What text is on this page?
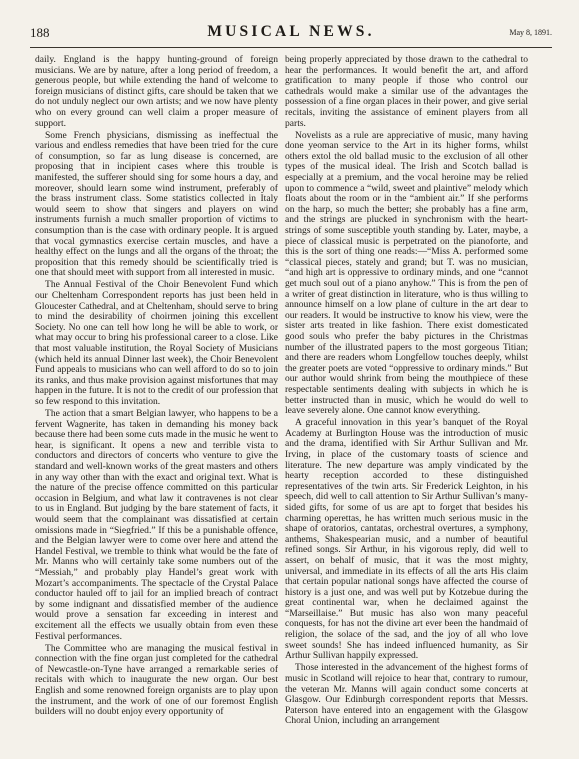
188	MUSICAL NEWS.	May 8, 1891.

daily. England is the happy hunting-ground of foreign musicians. We are by nature, after a long period of freedom, a generous people, but while extending the hand of welcome to foreign musicians of distinct gifts, care should be taken that we do not unduly neglect our own artists; and we now have plenty who on every ground can well claim a proper measure of support.

Some French physicians, dismissing as ineffectual the various and endless remedies that have been tried for the cure of consumption, so far as lung disease is concerned, are proposing that in incipient cases where this trouble is manifested, the sufferer should sing for some hours a day, and moreover, should learn some wind instrument, preferably of the brass instrument class. Some statistics collected in Italy would seem to show that singers and players on wind instruments furnish a much smaller proportion of victims to consumption than is the case with ordinary people. It is argued that vocal gymnastics exercise certain muscles, and have a healthy effect on the lungs and all the organs of the throat; the proposition that this remedy should be scientifically tried is one that should meet with support from all interested in music.

The Annual Festival of the Choir Benevolent Fund which our Cheltenham Correspondent reports has just been held in Gloucester Cathedral, and at Cheltenham, should serve to bring to mind the desirability of choirmen joining this excellent Society. No one can tell how long he will be able to work, or what may occur to bring his professional career to a close. Like that most valuable institution, the Royal Society of Musicians (which held its annual Dinner last week), the Choir Benevolent Fund appeals to musicians who can well afford to do so to join its ranks, and thus make provision against misfortunes that may happen in the future. It is not to the credit of our profession that so few respond to this invitation.

The action that a smart Belgian lawyer, who happens to be a fervent Wagnerite, has taken in demanding his money back because there had been some cuts made in the music he went to hear, is significant. It opens a new and terrible vista to conductors and directors of concerts who venture to give the standard and well-known works of the great masters and others in any way other than with the exact and original text. What is the nature of the precise offence committed on this particular occasion in Belgium, and what law it contravenes is not clear to us in England. But judging by the bare statement of facts, it would seem that the complainant was dissatisfied at certain omissions made in “Siegfried.” If this be a punishable offence, and the Belgian lawyer were to come over here and attend the Handel Festival, we tremble to think what would be the fate of Mr. Manns who will certainly take some numbers out of the “Messiah,” and probably play Handel’s great work with Mozart’s accompaniments. The spectacle of the Crystal Palace conductor hauled off to jail for an implied breach of contract by some indignant and dissatisfied member of the audience would prove a sensation far exceeding in interest and excitement all the effects we usually obtain from even these Festival performances.

The Committee who are managing the musical festival in connection with the fine organ just completed for the cathedral of Newcastle-on-Tyne have arranged a remarkable series of recitals with which to inaugurate the new organ. Our best English and some renowned foreign organists are to play upon the instrument, and the work of one of our foremost English builders will no doubt enjoy every opportunity of

being properly appreciated by those drawn to the cathedral to hear the performances. It would benefit the art, and afford gratification to many people if those who control our cathedrals would make a similar use of the advantages the possession of a fine organ places in their power, and give serial recitals, inviting the assistance of eminent players from all parts.

Novelists as a rule are appreciative of music, many having done yeoman service to the Art in its higher forms, whilst others extol the old ballad music to the exclusion of all other types of the musical ideal. The Irish and Scotch ballad is especially at a premium, and the vocal heroine may be relied upon to commence a “wild, sweet and plaintive” melody which floats about the room or in the “ambient air.” If she performs on the harp, so much the better; she probably has a fine arm, and the strings are plucked in synchronism with the heart-strings of some susceptible youth standing by. Later, maybe, a piece of classical music is perpetrated on the pianoforte, and this is the sort of thing one reads:—“Miss A. performed some “classical pieces, stately and grand; but T. was no musician, “and high art is oppressive to ordinary minds, and one “cannot get much soul out of a piano anyhow.” This is from the pen of a writer of great distinction in literature, who is thus willing to announce himself on a low plane of culture in the art dear to our readers. It would be instructive to know his view, were the sister arts treated in like fashion. There exist domesticated good souls who prefer the baby pictures in the Christmas number of the illustrated papers to the most gorgeous Titian; and there are readers whom Longfellow touches deeply, whilst the greater poets are voted “oppressive to ordinary minds.” But our author would shrink from being the mouthpiece of these respectable sentiments dealing with subjects in which he is better instructed than in music, which he would do well to leave severely alone. One cannot know everything.

A graceful innovation in this year’s banquet of the Royal Academy at Burlington House was the introduction of music and the drama, identified with Sir Arthur Sullivan and Mr. Irving, in place of the customary toasts of science and literature. The new departure was amply vindicated by the hearty reception accorded to these distinguished representatives of the twin arts. Sir Frederick Leighton, in his speech, did well to call attention to Sir Arthur Sullivan’s many-sided gifts, for some of us are apt to forget that besides his charming operettas, he has written much serious music in the shape of oratorios, cantatas, orchestral overtures, a symphony, anthems, Shakespearian music, and a number of beautiful refined songs. Sir Arthur, in his vigorous reply, did well to assert, on behalf of music, that it was the most mighty, universal, and immediate in its effects of all the arts His claim that certain popular national songs have affected the course of history is a just one, and was well put by Kotzebue during the great continental war, when he declaimed against the “Marseillaise.” But music has also won many peaceful conquests, for has not the divine art ever been the handmaid of religion, the solace of the sad, and the joy of all who love sweet sounds! She has indeed influenced humanity, as Sir Arthur Sullivan happily expressed.

Those interested in the advancement of the highest forms of music in Scotland will rejoice to hear that, contrary to rumour, the veteran Mr. Manns will again conduct some concerts at Glasgow. Our Edinburgh correspondent reports that Messrs. Paterson have entered into an engagement with the Glasgow Choral Union, including an arrangement
